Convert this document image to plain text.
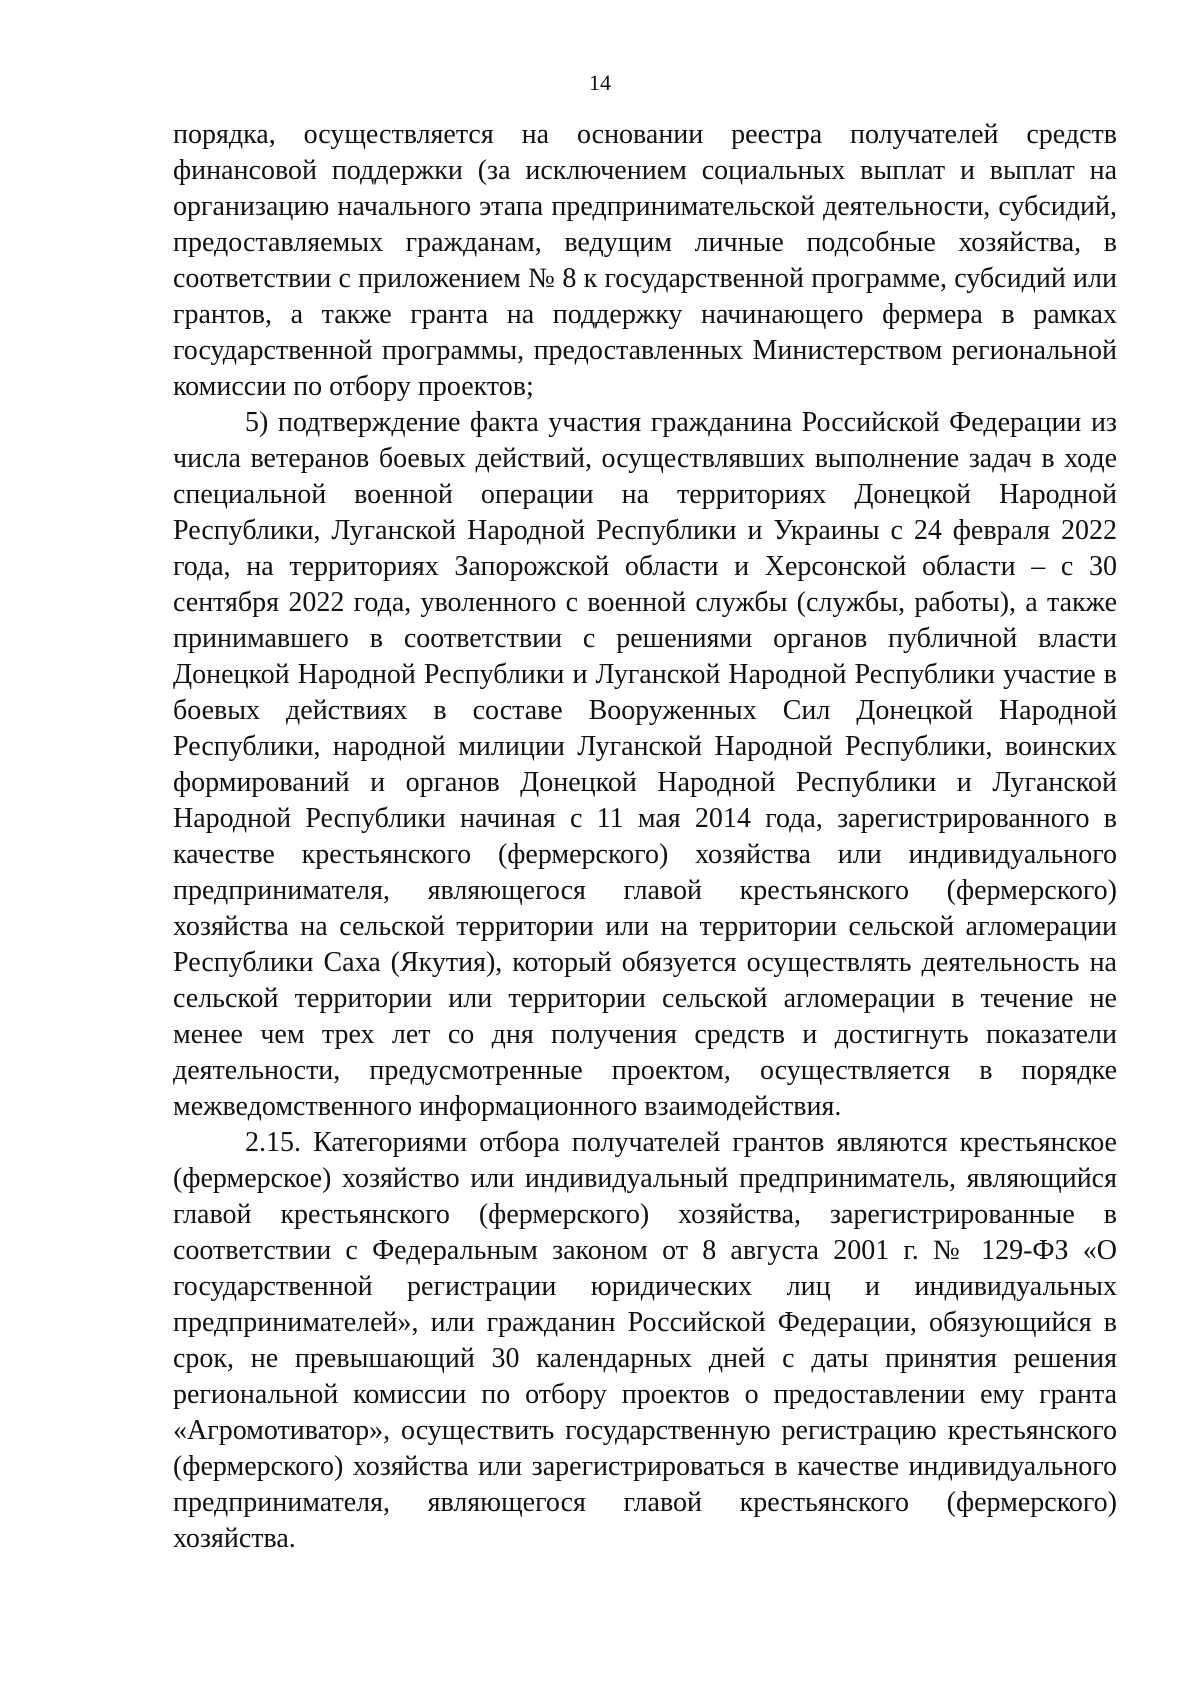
14

порядка, осуществляется на основании реестра получателей средств финансовой поддержки (за исключением социальных выплат и выплат на организацию начального этапа предпринимательской деятельности, субсидий, предоставляемых гражданам, ведущим личные подсобные хозяйства, в соответствии с приложением № 8 к государственной программе, субсидий или грантов, а также гранта на поддержку начинающего фермера в рамках государственной программы, предоставленных Министерством региональной комиссии по отбору проектов;

5) подтверждение факта участия гражданина Российской Федерации из числа ветеранов боевых действий, осуществлявших выполнение задач в ходе специальной военной операции на территориях Донецкой Народной Республики, Луганской Народной Республики и Украины с 24 февраля 2022 года, на территориях Запорожской области и Херсонской области – с 30 сентября 2022 года, уволенного с военной службы (службы, работы), а также принимавшего в соответствии с решениями органов публичной власти Донецкой Народной Республики и Луганской Народной Республики участие в боевых действиях в составе Вооруженных Сил Донецкой Народной Республики, народной милиции Луганской Народной Республики, воинских формирований и органов Донецкой Народной Республики и Луганской Народной Республики начиная с 11 мая 2014 года, зарегистрированного в качестве крестьянского (фермерского) хозяйства или индивидуального предпринимателя, являющегося главой крестьянского (фермерского) хозяйства на сельской территории или на территории сельской агломерации Республики Саха (Якутия), который обязуется осуществлять деятельность на сельской территории или территории сельской агломерации в течение не менее чем трех лет со дня получения средств и достигнуть показатели деятельности, предусмотренные проектом, осуществляется в порядке межведомственного информационного взаимодействия.

2.15. Категориями отбора получателей грантов являются крестьянское (фермерское) хозяйство или индивидуальный предприниматель, являющийся главой крестьянского (фермерского) хозяйства, зарегистрированные в соответствии с Федеральным законом от 8 августа 2001 г. № 129-ФЗ «О государственной регистрации юридических лиц и индивидуальных предпринимателей», или гражданин Российской Федерации, обязующийся в срок, не превышающий 30 календарных дней с даты принятия решения региональной комиссии по отбору проектов о предоставлении ему гранта «Агромотиватор», осуществить государственную регистрацию крестьянского (фермерского) хозяйства или зарегистрироваться в качестве индивидуального предпринимателя, являющегося главой крестьянского (фермерского) хозяйства.
